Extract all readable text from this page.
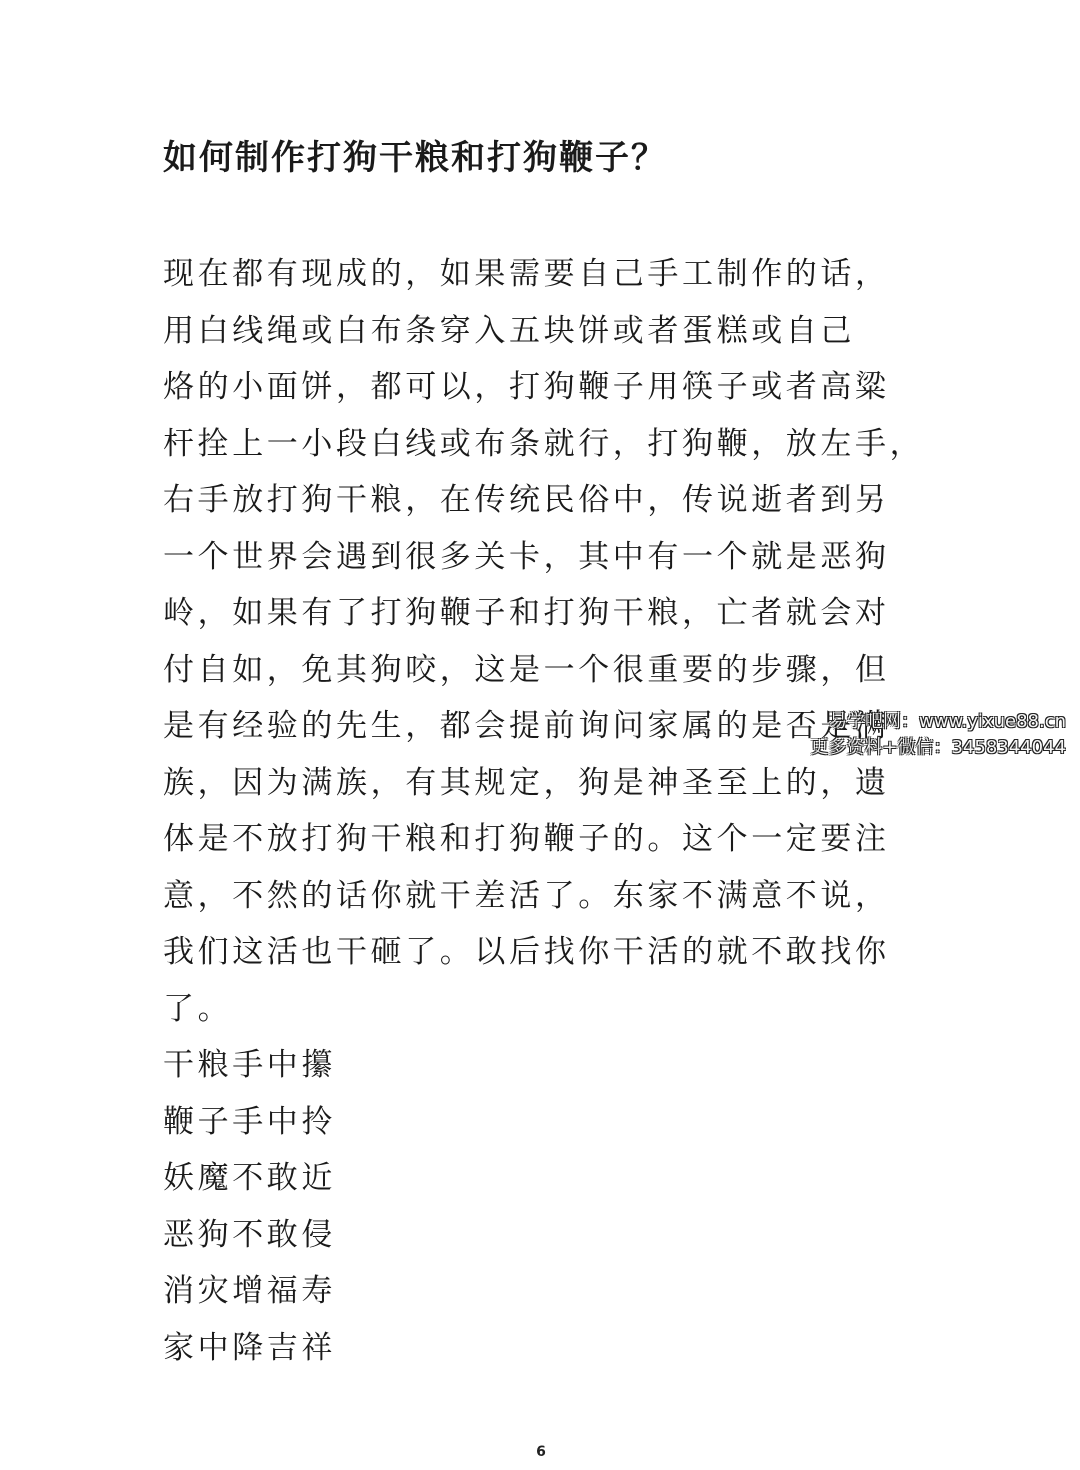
如何制作打狗干粮和打狗鞭子？
现在都有现成的，如果需要自己手工制作的话，
用白线绳或白布条穿入五块饼或者蛋糕或自己
烙的小面饼，都可以，打狗鞭子用筷子或者高粱
杆拴上一小段白线或布条就行，打狗鞭，放左手，
右手放打狗干粮，在传统民俗中，传说逝者到另
一个世界会遇到很多关卡，其中有一个就是恶狗
岭，如果有了打狗鞭子和打狗干粮，亡者就会对
付自如，免其狗咬，这是一个很重要的步骤，但
是有经验的先生，都会提前询问家属的是否是满
族，因为满族，有其规定，狗是神圣至上的，遗
体是不放打狗干粮和打狗鞭子的。这个一定要注
意，不然的话你就干差活了。东家不满意不说，
我们这活也干砸了。以后找你干活的就不敢找你
了。
干粮手中攥
鞭子手中拎
妖魔不敢近
恶狗不敢侵
消灾增福寿
家中降吉祥
易学吧网：www.yixue88.cn
更多资料+微信：3458344044
6
